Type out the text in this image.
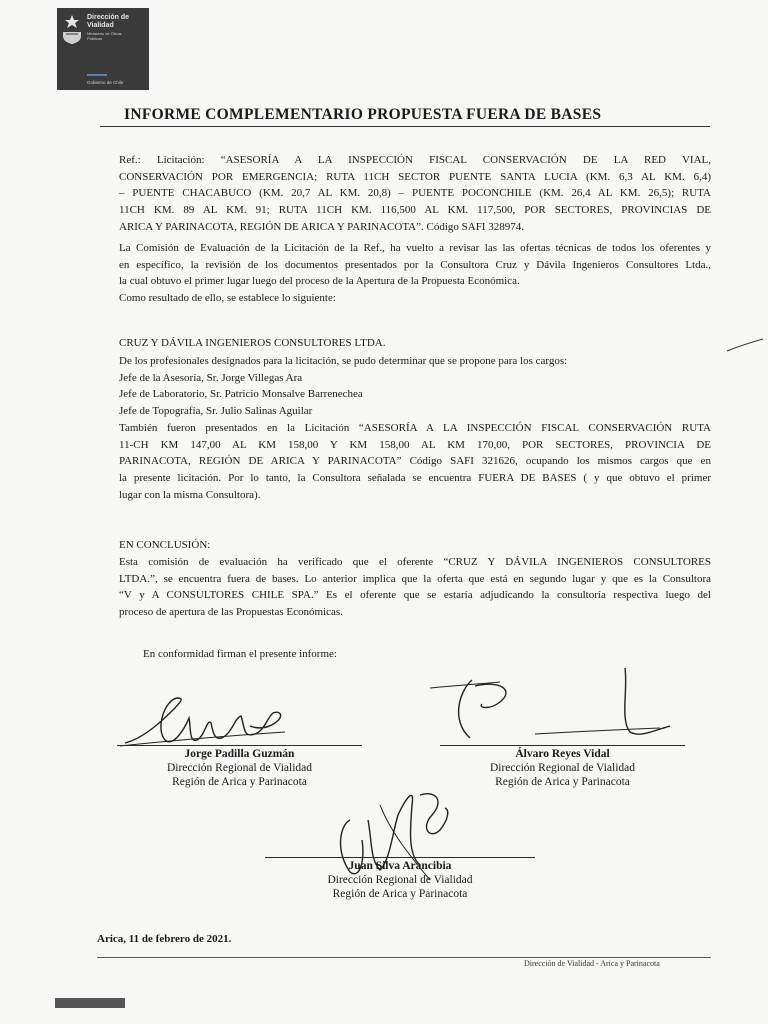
Dirección de
Vialidad
Ministerio de Obras
Públicas
Gobierno de Chile
INFORME COMPLEMENTARIO PROPUESTA FUERA DE BASES
Ref.: Licitación: “ASESORÍA A LA INSPECCIÓN FISCAL CONSERVACIÓN DE LA RED VIAL,
CONSERVACIÓN POR EMERGENCIA; RUTA 11CH SECTOR PUENTE SANTA LUCIA (KM. 6,3 AL KM. 6,4)
– PUENTE CHACABUCO (KM. 20,7 AL KM. 20,8) – PUENTE POCONCHILE (KM. 26,4 AL KM. 26,5); RUTA
11CH KM. 89 AL KM. 91; RUTA 11CH KM. 116,500 AL KM. 117,500, POR SECTORES, PROVINCIAS DE
ARICA Y PARINACOTA, REGIÓN DE ARICA Y PARINACOTA”. Código SAFI 328974.
La Comisión de Evaluación de la Licitación de la Ref., ha vuelto a revisar las las ofertas técnicas de todos los oferentes y
en específico, la revisión de los documentos presentados por la Consultora Cruz y Dávila Ingenieros Consultores Ltda.,
la cual obtuvo el primer lugar luego del proceso de la Apertura de la Propuesta Económica.
Como resultado de ello, se establece lo siguiente:
CRUZ Y DÁVILA INGENIEROS CONSULTORES LTDA.
De los profesionales designados para la licitación, se pudo determinar que se propone para los cargos:
Jefe de la Asesoría, Sr. Jorge Villegas Ara
Jefe de Laboratorio, Sr. Patricio Monsalve Barrenechea
Jefe de Topografía, Sr. Julio Salinas Aguilar
También fueron presentados en la Licitación “ASESORÍA A LA INSPECCIÓN FISCAL CONSERVACIÓN RUTA
11-CH KM 147,00 AL KM 158,00 Y KM 158,00 AL KM 170,00, POR SECTORES, PROVINCIA DE
PARINACOTA, REGIÓN DE ARICA Y PARINACOTA” Código SAFI 321626, ocupando los mismos cargos que en
la presente licitación. Por lo tanto, la Consultora señalada se encuentra FUERA DE BASES ( y que obtuvo el primer
lugar con la misma Consultora).
EN CONCLUSIÓN:
Esta comisión de evaluación ha verificado que el oferente “CRUZ Y DÁVILA INGENIEROS CONSULTORES
LTDA.”, se encuentra fuera de bases. Lo anterior implica que la oferta que está en segundo lugar y que es la Consultora
“V y A CONSULTORES CHILE SPA.” Es el oferente que se estaría adjudicando la consultoría respectiva luego del
proceso de apertura de las Propuestas Económicas.
En conformidad firman el presente informe:
Jorge Padilla Guzmán
Dirección Regional de Vialidad
Región de Arica y Parinacota
Álvaro Reyes Vidal
Dirección Regional de Vialidad
Región de Arica y Parinacota
Juan Silva Arancibia
Dirección Regional de Vialidad
Región de Arica y Parinacota
Arica, 11 de febrero de 2021.
Dirección de Vialidad - Arica y Parinacota
